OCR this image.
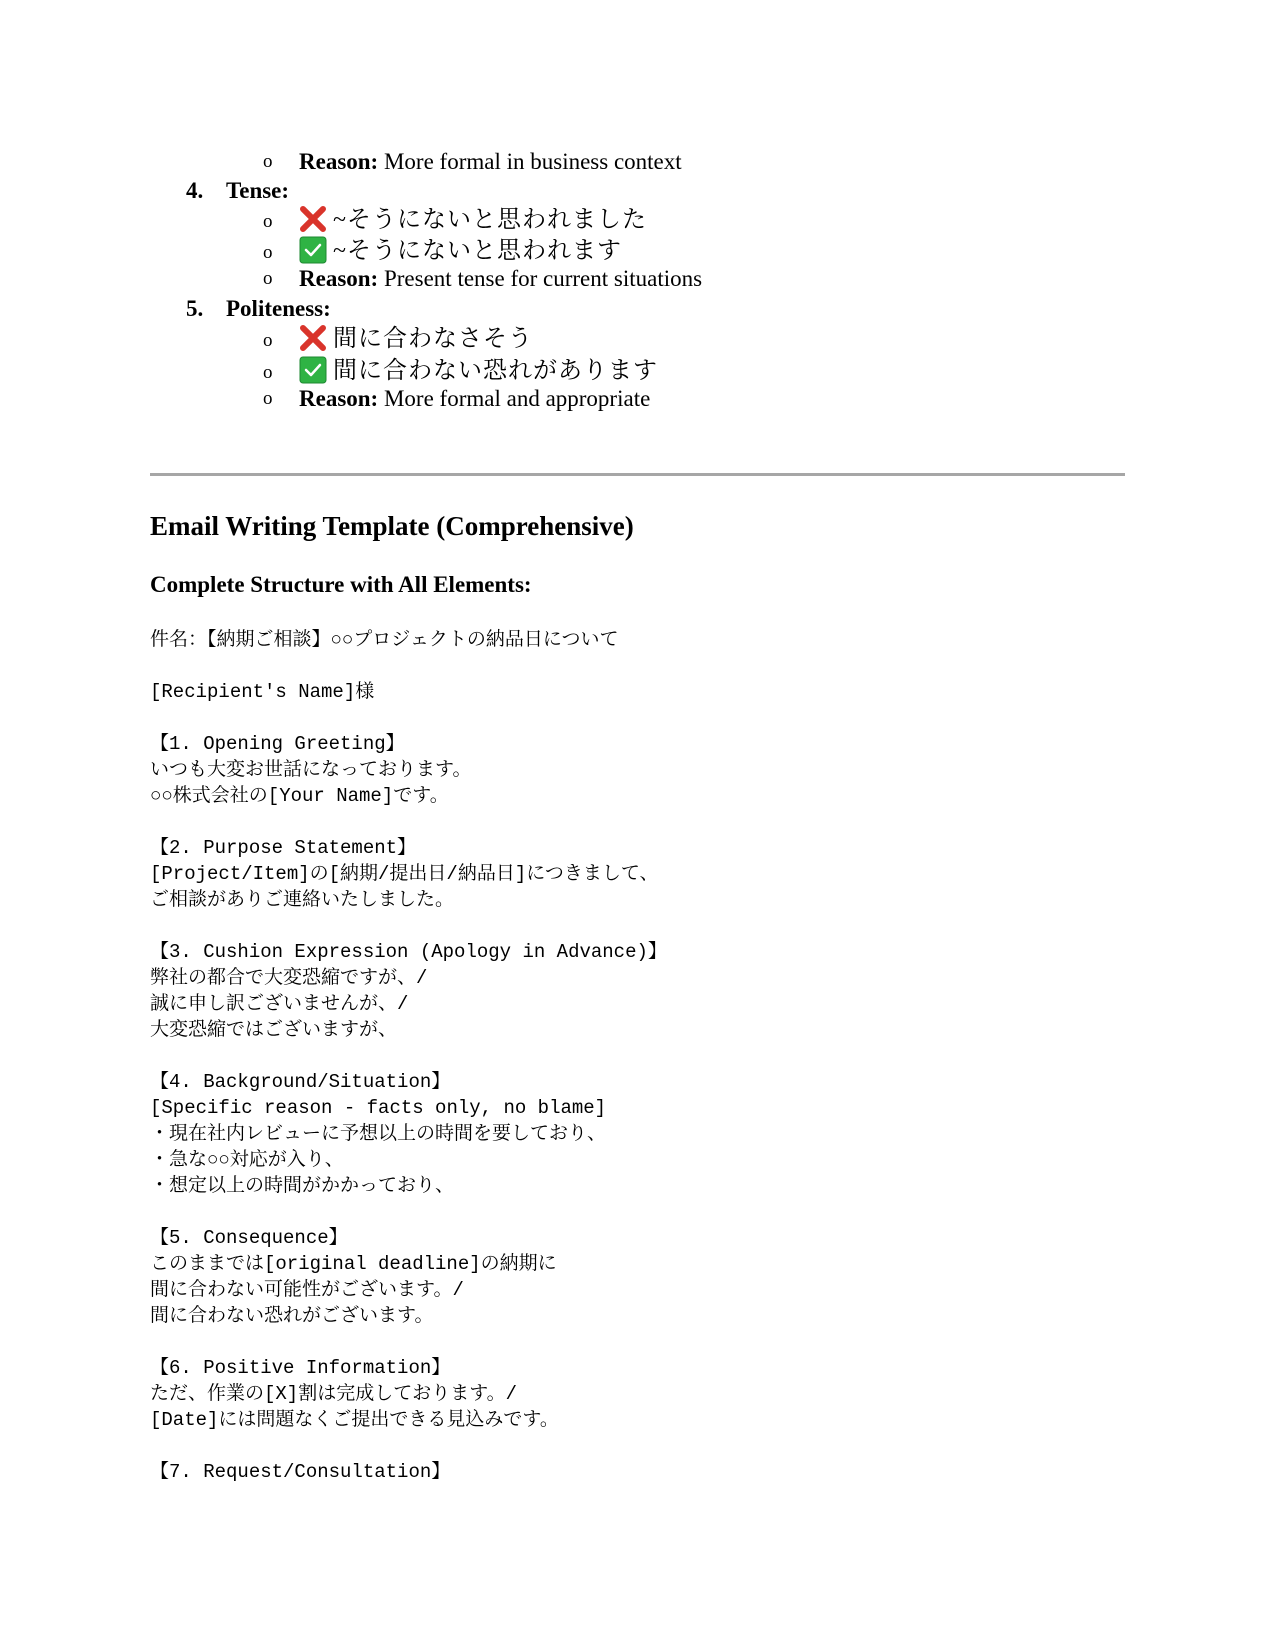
o Reason: More formal in business context
4. Tense:
o	~そうにないと思われました
o	~そうにないと思われます
o Reason: Present tense for current situations
5. Politeness:
o	間に合わなさそう
o	間に合わない恐れがあります
o Reason: More formal and appropriate
Email Writing Template (Comprehensive)
Complete Structure with All Elements:
件名：【納期ご相談】○○プロジェクトの納品日について
[Recipient's Name]様
【1. Opening Greeting】
いつも大変お世話になっております。
○○株式会社の[Your Name]です。
【2. Purpose Statement】
[Project/Item]の[納期/提出日/納品日]につきまして、
ご相談がありご連絡いたしました。
【3. Cushion Expression (Apology in Advance)】
弊社の都合で大変恐縮ですが、/
誠に申し訳ございませんが、/
大変恐縮ではございますが、
【4. Background/Situation】
[Specific reason - facts only, no blame]
・現在社内レビューに予想以上の時間を要しており、
・急な○○対応が入り、
・想定以上の時間がかかっており、
【5. Consequence】
このままでは[original deadline]の納期に
間に合わない可能性がございます。/
間に合わない恐れがございます。
【6. Positive Information】
ただ、作業の[X]割は完成しております。/
[Date]には問題なくご提出できる見込みです。
【7. Request/Consultation】
